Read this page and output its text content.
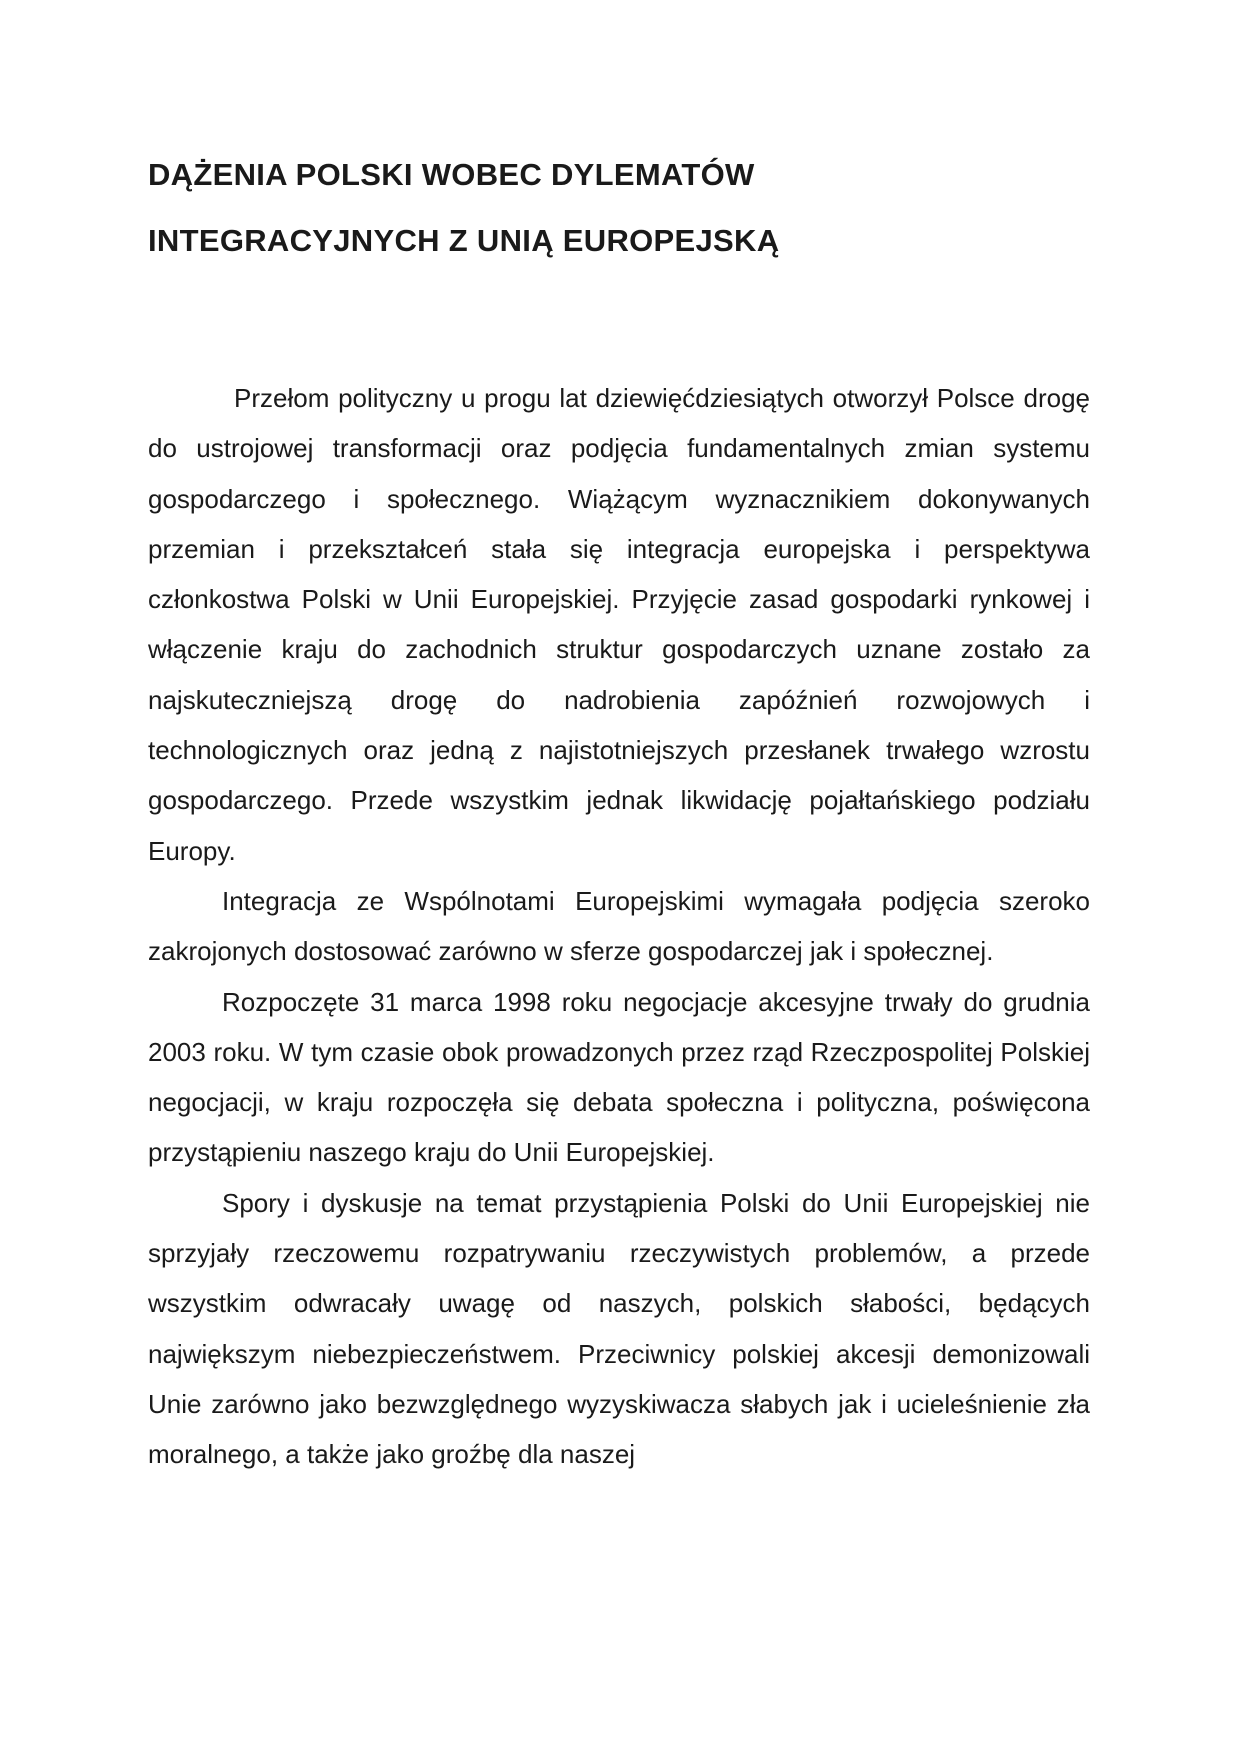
DĄŻENIA POLSKI WOBEC DYLEMATÓW
INTEGRACYJNYCH Z UNIĄ EUROPEJSKĄ

Przełom polityczny u progu lat dziewięćdziesiątych otworzył Polsce drogę do ustrojowej transformacji oraz podjęcia fundamentalnych zmian systemu gospodarczego i społecznego. Wiążącym wyznacznikiem dokonywanych przemian i przekształceń stała się integracja europejska i perspektywa członkostwa Polski w Unii Europejskiej. Przyjęcie zasad gospodarki rynkowej i włączenie kraju do zachodnich struktur gospodarczych uznane zostało za najskuteczniejszą drogę do nadrobienia zapóźnień rozwojowych i technologicznych oraz jedną z najistotniejszych przesłanek trwałego wzrostu gospodarczego. Przede wszystkim jednak likwidację pojałtańskiego podziału Europy.

Integracja ze Wspólnotami Europejskimi wymagała podjęcia szeroko zakrojonych dostosować zarówno w sferze gospodarczej jak i społecznej.

Rozpoczęte 31 marca 1998 roku negocjacje akcesyjne trwały do grudnia 2003 roku. W tym czasie obok prowadzonych przez rząd Rzeczpospolitej Polskiej negocjacji, w kraju rozpoczęła się debata społeczna i polityczna, poświęcona przystąpieniu naszego kraju do Unii Europejskiej.

Spory i dyskusje na temat przystąpienia Polski do Unii Europejskiej nie sprzyjały rzeczowemu rozpatrywaniu rzeczywistych problemów, a przede wszystkim odwracały uwagę od naszych, polskich słabości, będących największym niebezpieczeństwem. Przeciwnicy polskiej akcesji demonizowali Unie zarówno jako bezwzględnego wyzyskiwacza słabych jak i ucieleśnienie zła moralnego, a także jako groźbę dla naszej
